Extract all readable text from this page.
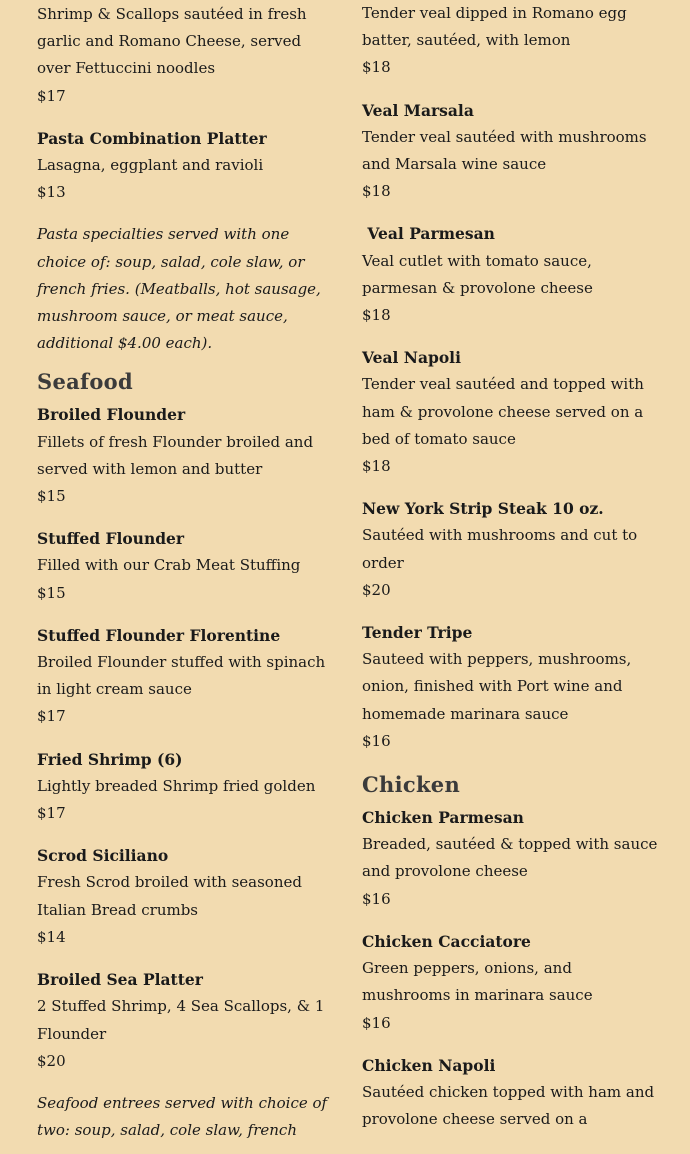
Shrimp & Scallops sautéed in fresh garlic and Romano Cheese, served over Fettuccini noodles

$17

Pasta Combination Platter

Lasagna, eggplant and ravioli

$13

Pasta specialties served with one choice of: soup, salad, cole slaw, or french fries. (Meatballs, hot sausage, mushroom sauce, or meat sauce, additional $4.00 each).

Seafood

Broiled Flounder

Fillets of fresh Flounder broiled and served with lemon and butter

$15

Stuffed Flounder

Filled with our Crab Meat Stuffing

$15

Stuffed Flounder Florentine

Broiled Flounder stuffed with spinach in light cream sauce

$17

Fried Shrimp (6)

Lightly breaded Shrimp fried golden

$17

Scrod Siciliano

Fresh Scrod broiled with seasoned Italian Bread crumbs

$14

Broiled Sea Platter

2 Stuffed Shrimp, 4 Sea Scallops, & 1 Flounder

$20

Seafood entrees served with choice of two: soup, salad, cole slaw, french

Tender veal dipped in Romano egg batter, sautéed, with lemon

$18

Veal Marsala

Tender veal sautéed with mushrooms and Marsala wine sauce

$18

Veal Parmesan

Veal cutlet with tomato sauce, parmesan & provolone cheese

$18

Veal Napoli

Tender veal sautéed and topped with ham & provolone cheese served on a bed of tomato sauce

$18

New York Strip Steak 10 oz.

Sautéed with mushrooms and cut to order

$20

Tender Tripe

Sauteed with peppers, mushrooms, onion, finished with Port wine and homemade marinara sauce

$16

Chicken

Chicken Parmesan

Breaded, sautéed & topped with sauce and provolone cheese

$16

Chicken Cacciatore

Green peppers, onions, and mushrooms in marinara sauce

$16

Chicken Napoli

Sautéed chicken topped with ham and provolone cheese served on a
